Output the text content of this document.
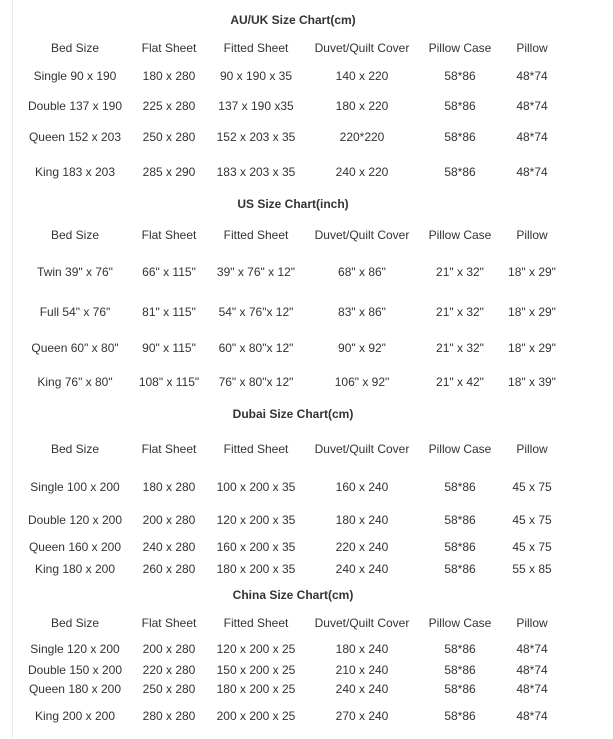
AU/UK Size Chart(cm)
Bed Size	Flat Sheet	Fitted Sheet	Duvet/Quilt Cover	Pillow Case	Pillow
Single 90 x 190	180 x 280	90 x 190 x 35	140 x 220	58*86	48*74
Double 137 x 190	225 x 280	137 x 190 x35	180 x 220	58*86	48*74
Queen 152 x 203	250 x 280	152 x 203 x 35	220*220	58*86	48*74
King 183 x 203	285 x 290	183 x 203 x 35	240 x 220	58*86	48*74
US Size Chart(inch)
Bed Size	Flat Sheet	Fitted Sheet	Duvet/Quilt Cover	Pillow Case	Pillow
Twin 39" x 76"	66" x 115"	39" x 76" x 12"	68" x 86"	21" x 32"	18" x 29"
Full 54" x 76"	81" x 115"	54" x 76"x 12"	83" x 86"	21" x 32"	18" x 29"
Queen 60" x 80"	90" x 115"	60" x 80"x 12"	90" x 92"	21" x 32"	18" x 29"
King 76" x 80"	108" x 115"	76" x 80"x 12"	106" x 92"	21" x 42"	18" x 39"
Dubai Size Chart(cm)
Bed Size	Flat Sheet	Fitted Sheet	Duvet/Quilt Cover	Pillow Case	Pillow
Single 100 x 200	180 x 280	100 x 200 x 35	160 x 240	58*86	45 x 75
Double 120 x 200	200 x 280	120 x 200 x 35	180 x 240	58*86	45 x 75
Queen 160 x 200	240 x 280	160 x 200 x 35	220 x 240	58*86	45 x 75
King 180 x 200	260 x 280	180 x 200 x 35	240 x 240	58*86	55 x 85
China Size Chart(cm)
Bed Size	Flat Sheet	Fitted Sheet	Duvet/Quilt Cover	Pillow Case	Pillow
Single 120 x 200	200 x 280	120 x 200 x 25	180 x 240	58*86	48*74
Double 150 x 200	220 x 280	150 x 200 x 25	210 x 240	58*86	48*74
Queen 180 x 200	250 x 280	180 x 200 x 25	240 x 240	58*86	48*74
King 200 x 200	280 x 280	200 x 200 x 25	270 x 240	58*86	48*74
